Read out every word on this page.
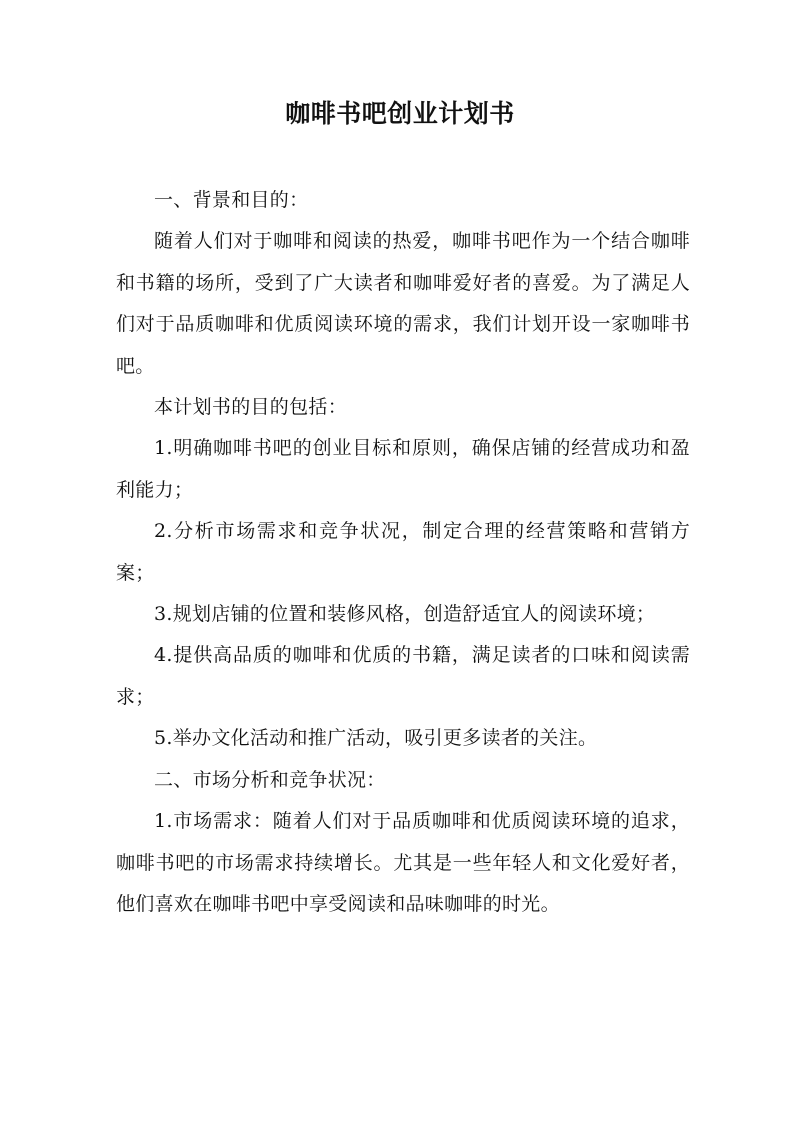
咖啡书吧创业计划书

一、背景和目的：

随着人们对于咖啡和阅读的热爱，咖啡书吧作为一个结合咖啡和书籍的场所，受到了广大读者和咖啡爱好者的喜爱。为了满足人们对于品质咖啡和优质阅读环境的需求，我们计划开设一家咖啡书吧。

本计划书的目的包括：

1.明确咖啡书吧的创业目标和原则，确保店铺的经营成功和盈利能力；

2.分析市场需求和竞争状况，制定合理的经营策略和营销方案；

3.规划店铺的位置和装修风格，创造舒适宜人的阅读环境；

4.提供高品质的咖啡和优质的书籍，满足读者的口味和阅读需求；

5.举办文化活动和推广活动，吸引更多读者的关注。

二、市场分析和竞争状况：

1.市场需求：随着人们对于品质咖啡和优质阅读环境的追求，咖啡书吧的市场需求持续增长。尤其是一些年轻人和文化爱好者，他们喜欢在咖啡书吧中享受阅读和品味咖啡的时光。
